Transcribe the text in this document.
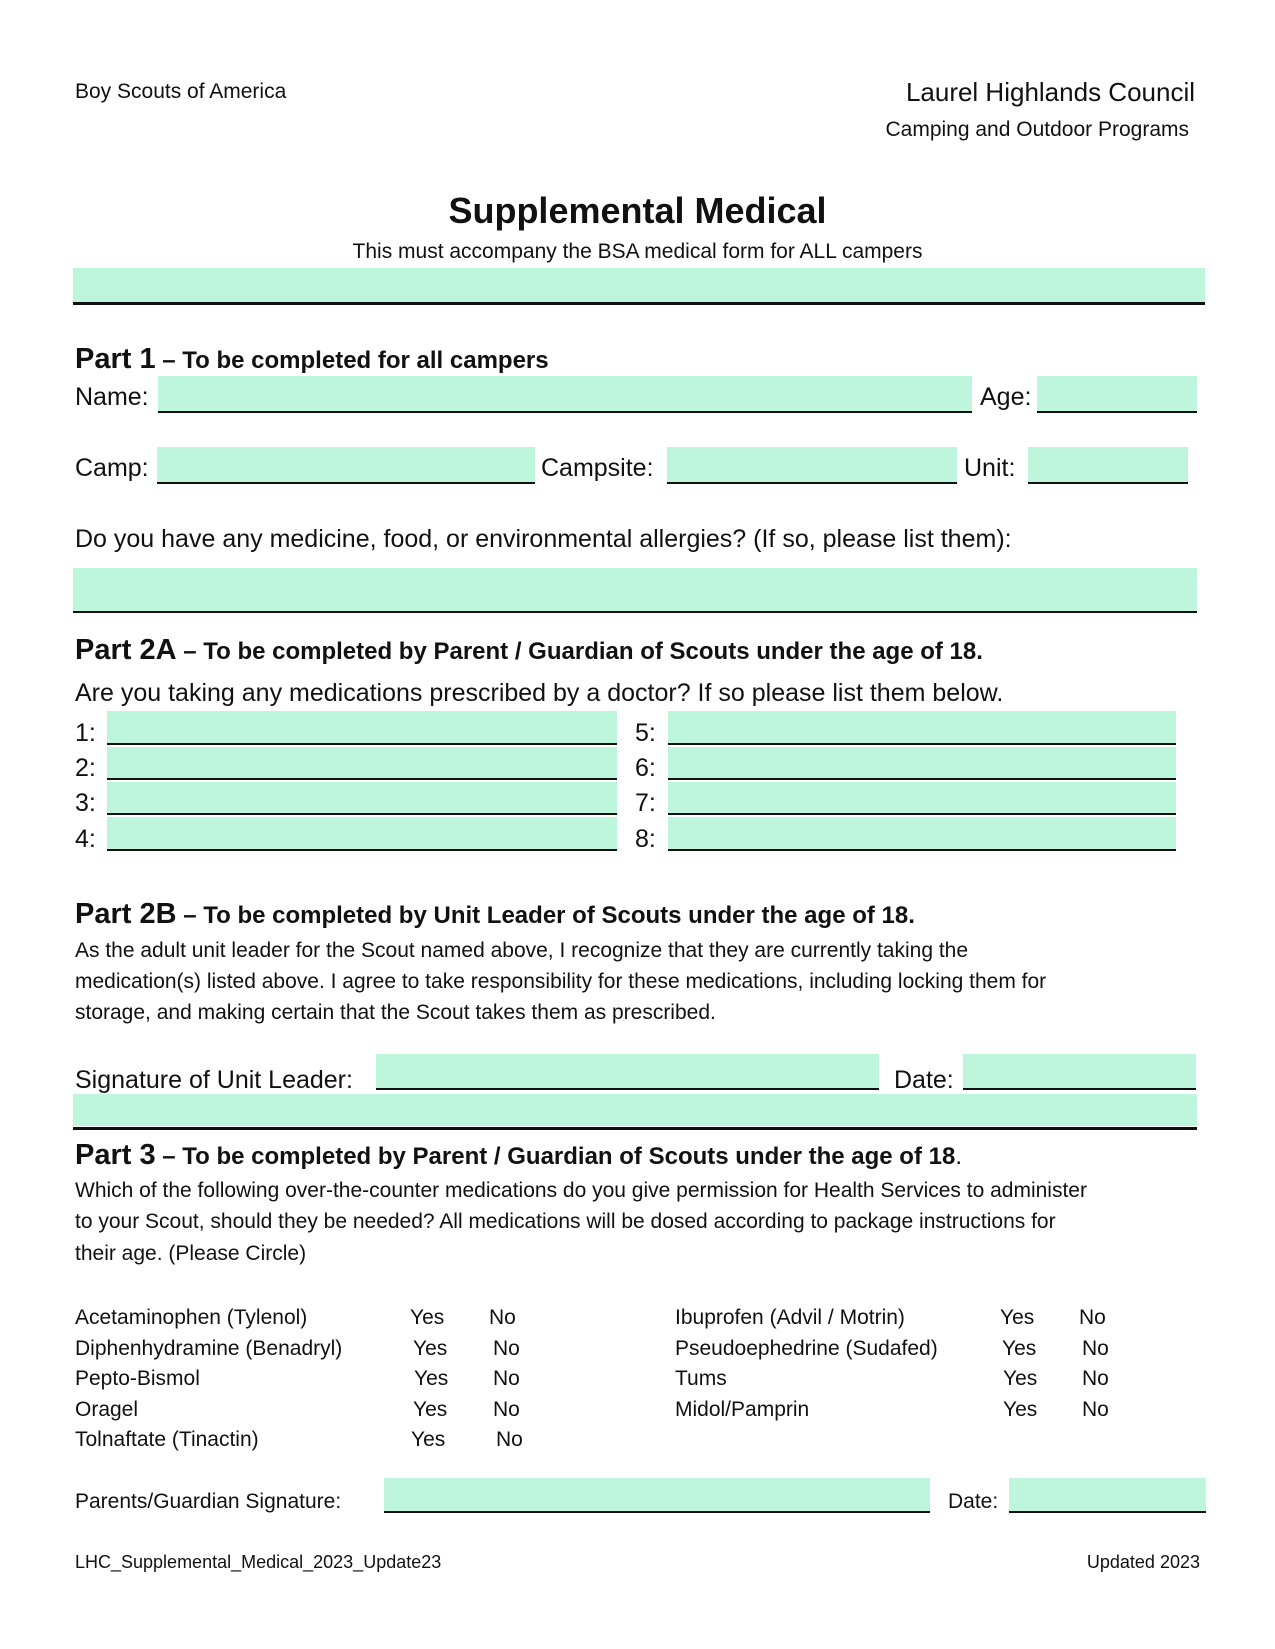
Boy Scouts of America	Laurel Highlands Council
Camping and Outdoor Programs
Supplemental Medical
This must accompany the BSA medical form for ALL campers
Part 1 – To be completed for all campers
Name:	Age:
Camp:	Campsite:	Unit:
Do you have any medicine, food, or environmental allergies? (If so, please list them):
Part 2A – To be completed by Parent / Guardian of Scouts under the age of 18.
Are you taking any medications prescribed by a doctor? If so please list them below.
1:
2:
3:
4:
5:
6:
7:
8:
Part 2B – To be completed by Unit Leader of Scouts under the age of 18.
As the adult unit leader for the Scout named above, I recognize that they are currently taking the
medication(s) listed above. I agree to take responsibility for these medications, including locking them for
storage, and making certain that the Scout takes them as prescribed.
Signature of Unit Leader:	Date:
Part 3 – To be completed by Parent / Guardian of Scouts under the age of 18.
Which of the following over-the-counter medications do you give permission for Health Services to administer
to your Scout, should they be needed? All medications will be dosed according to package instructions for
their age. (Please Circle)
Acetaminophen (Tylenol)	Yes No
Diphenhydramine (Benadryl)	Yes No
Pepto-Bismol	Yes No
Oragel	Yes No
Tolnaftate (Tinactin)	Yes No
Ibuprofen (Advil / Motrin)	Yes No
Pseudoephedrine (Sudafed)	Yes No
Tums	Yes No
Midol/Pamprin	Yes No
Parents/Guardian Signature:	Date:
LHC_Supplemental_Medical_2023_Update23	Updated 2023
